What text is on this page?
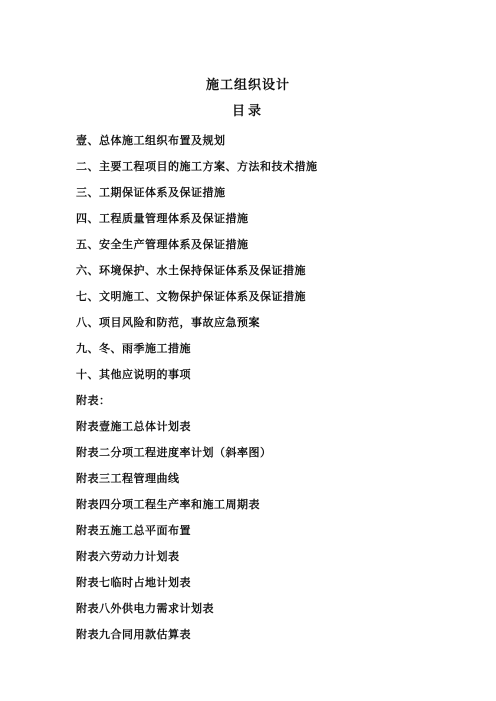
施工组织设计
目录
壹、总体施工组织布置及规划
二、主要工程项目的施工方案、方法和技术措施
三、工期保证体系及保证措施
四、工程质量管理体系及保证措施
五、安全生产管理体系及保证措施
六、环境保护、水土保持保证体系及保证措施
七、文明施工、文物保护保证体系及保证措施
八、项目风险和防范，事故应急预案
九、冬、雨季施工措施
十、其他应说明的事项
附表：
附表壹施工总体计划表
附表二分项工程进度率计划（斜率图）
附表三工程管理曲线
附表四分项工程生产率和施工周期表
附表五施工总平面布置
附表六劳动力计划表
附表七临时占地计划表
附表八外供电力需求计划表
附表九合同用款估算表
